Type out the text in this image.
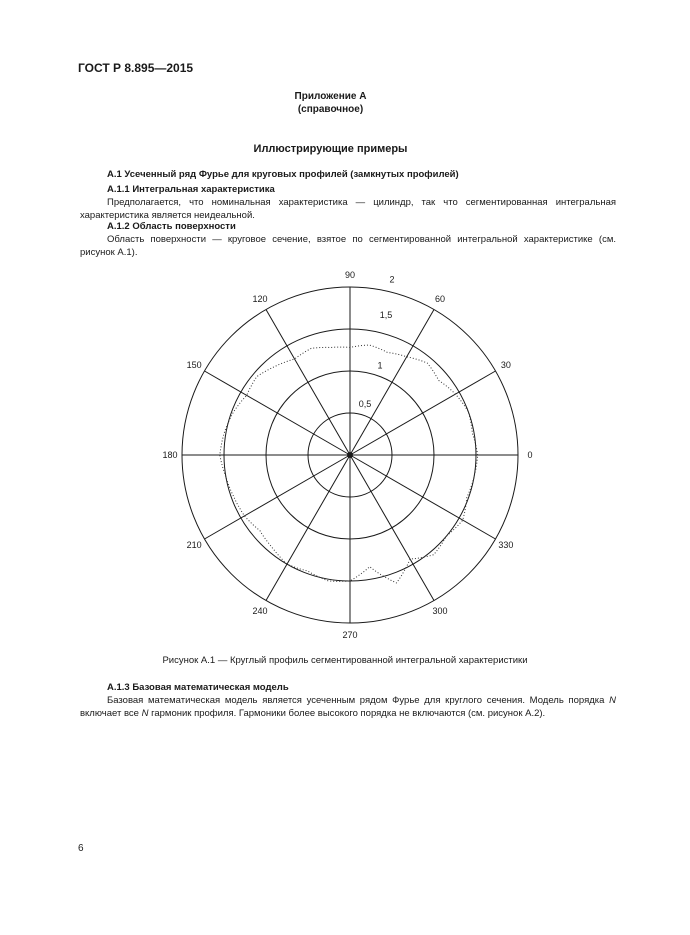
ГОСТ Р 8.895—2015
Приложение А
(справочное)
Иллюстрирующие примеры
А.1 Усеченный ряд Фурье для круговых профилей (замкнутых профилей)
А.1.1 Интегральная характеристика
Предполагается, что номинальная характеристика — цилиндр, так что сегментированная интегральная характеристика является неидеальной.
А.1.2 Область поверхности
Область поверхности — круговое сечение, взятое по сегментированной интегральной характеристике (см. рисунок А.1).
0
30
60
90
120
150
180
210
240
270
300
330
0,5
1
1,5
2
Рисунок А.1 — Круглый профиль сегментированной интегральной характеристики
А.1.3 Базовая математическая модель
Базовая математическая модель является усеченным рядом Фурье для круглого сечения. Модель порядка N включает все N гармоник профиля. Гармоники более высокого порядка не включаются (см. рисунок А.2).
6
